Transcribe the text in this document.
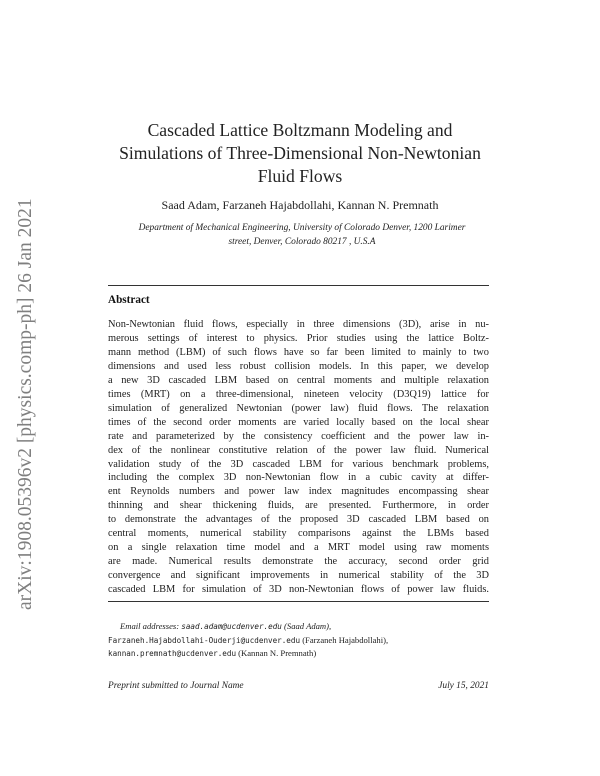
arXiv:1908.05396v2 [physics.comp-ph] 26 Jan 2021
Cascaded Lattice Boltzmann Modeling and
Simulations of Three-Dimensional Non-Newtonian
Fluid Flows
Saad Adam, Farzaneh Hajabdollahi, Kannan N. Premnath
Department of Mechanical Engineering, University of Colorado Denver, 1200 Larimer
street, Denver, Colorado 80217 , U.S.A
Abstract
Non-Newtonian fluid flows, especially in three dimensions (3D), arise in nu-
merous settings of interest to physics. Prior studies using the lattice Boltz-
mann method (LBM) of such flows have so far been limited to mainly to two
dimensions and used less robust collision models. In this paper, we develop
a new 3D cascaded LBM based on central moments and multiple relaxation
times (MRT) on a three-dimensional, nineteen velocity (D3Q19) lattice for
simulation of generalized Newtonian (power law) fluid flows. The relaxation
times of the second order moments are varied locally based on the local shear
rate and parameterized by the consistency coefficient and the power law in-
dex of the nonlinear constitutive relation of the power law fluid. Numerical
validation study of the 3D cascaded LBM for various benchmark problems,
including the complex 3D non-Newtonian flow in a cubic cavity at differ-
ent Reynolds numbers and power law index magnitudes encompassing shear
thinning and shear thickening fluids, are presented. Furthermore, in order
to demonstrate the advantages of the proposed 3D cascaded LBM based on
central moments, numerical stability comparisons against the LBMs based
on a single relaxation time model and a MRT model using raw moments
are made. Numerical results demonstrate the accuracy, second order grid
convergence and significant improvements in numerical stability of the 3D
cascaded LBM for simulation of 3D non-Newtonian flows of power law fluids.
Email addresses: saad.adam@ucdenver.edu (Saad Adam),
Farzaneh.Hajabdollahi-Ouderji@ucdenver.edu (Farzaneh Hajabdollahi),
kannan.premnath@ucdenver.edu (Kannan N. Premnath)
Preprint submitted to Journal Name	July 15, 2021
